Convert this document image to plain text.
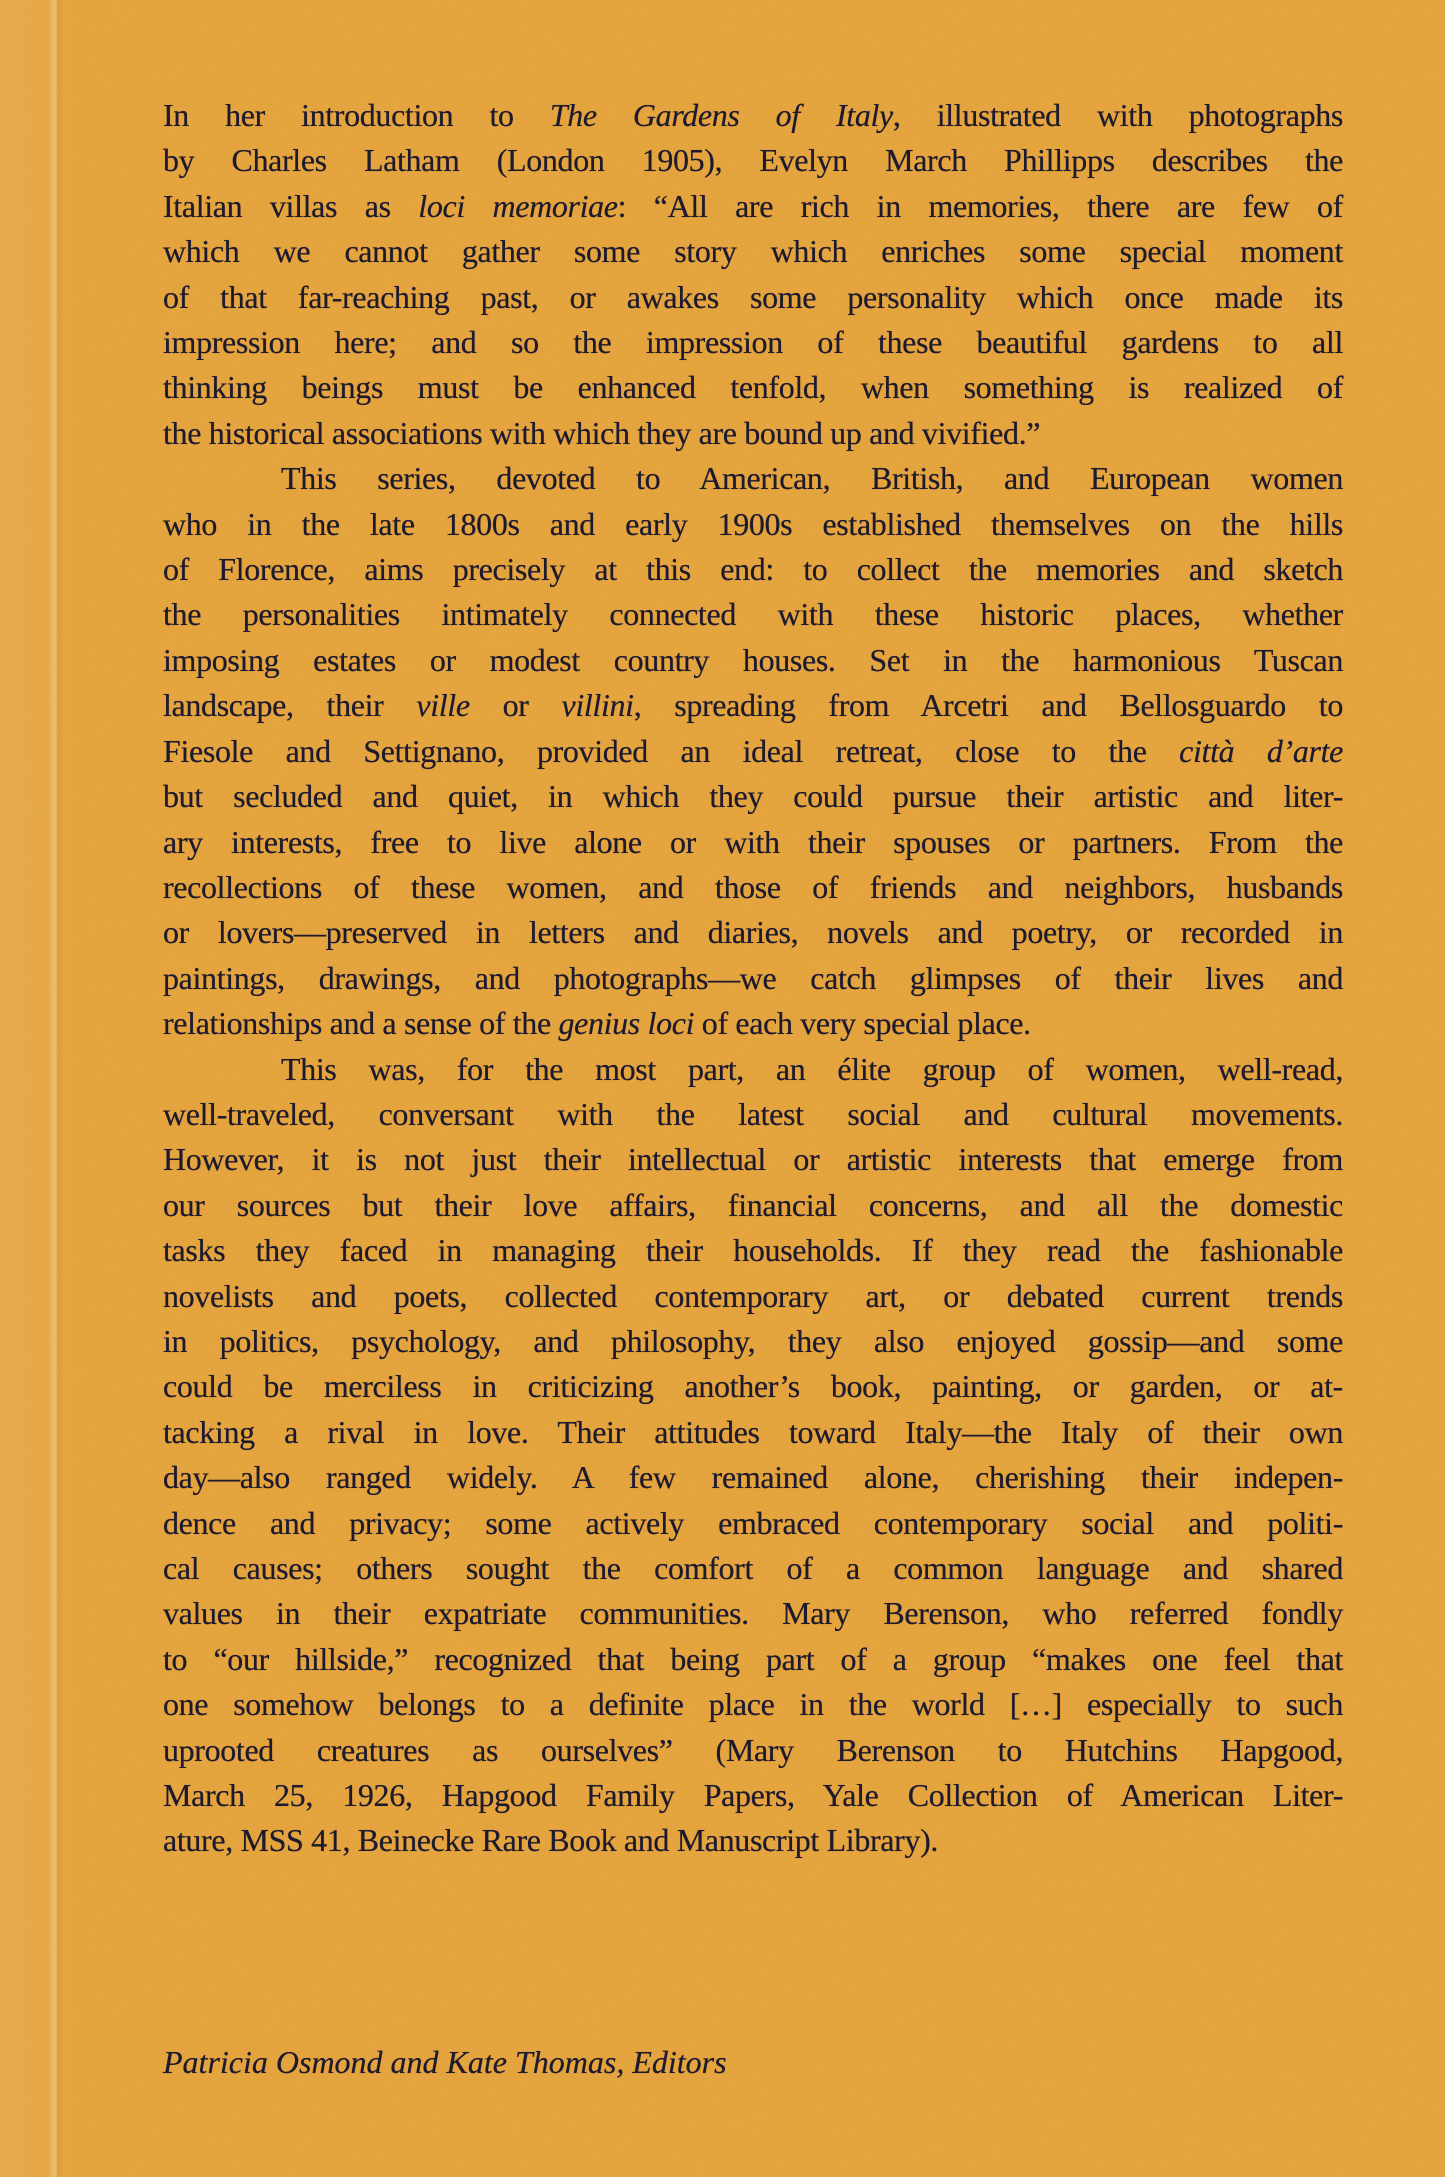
In her introduction to The Gardens of Italy, illustrated with photographs
by Charles Latham (London 1905), Evelyn March Phillipps describes the
Italian villas as loci memoriae: “All are rich in memories, there are few of
which we cannot gather some story which enriches some special moment
of that far-reaching past, or awakes some personality which once made its
impression here; and so the impression of these beautiful gardens to all
thinking beings must be enhanced tenfold, when something is realized of
the historical associations with which they are bound up and vivified.”
This series, devoted to American, British, and European women
who in the late 1800s and early 1900s established themselves on the hills
of Florence, aims precisely at this end: to collect the memories and sketch
the personalities intimately connected with these historic places, whether
imposing estates or modest country houses. Set in the harmonious Tuscan
landscape, their ville or villini, spreading from Arcetri and Bellosguardo to
Fiesole and Settignano, provided an ideal retreat, close to the città d’arte
but secluded and quiet, in which they could pursue their artistic and liter-
ary interests, free to live alone or with their spouses or partners. From the
recollections of these women, and those of friends and neighbors, husbands
or lovers—preserved in letters and diaries, novels and poetry, or recorded in
paintings, drawings, and photographs—we catch glimpses of their lives and
relationships and a sense of the genius loci of each very special place.
This was, for the most part, an élite group of women, well-read,
well-traveled, conversant with the latest social and cultural movements.
However, it is not just their intellectual or artistic interests that emerge from
our sources but their love affairs, financial concerns, and all the domestic
tasks they faced in managing their households. If they read the fashionable
novelists and poets, collected contemporary art, or debated current trends
in politics, psychology, and philosophy, they also enjoyed gossip—and some
could be merciless in criticizing another’s book, painting, or garden, or at-
tacking a rival in love. Their attitudes toward Italy—the Italy of their own
day—also ranged widely. A few remained alone, cherishing their indepen-
dence and privacy; some actively embraced contemporary social and politi-
cal causes; others sought the comfort of a common language and shared
values in their expatriate communities. Mary Berenson, who referred fondly
to “our hillside,” recognized that being part of a group “makes one feel that
one somehow belongs to a definite place in the world […] especially to such
uprooted creatures as ourselves” (Mary Berenson to Hutchins Hapgood,
March 25, 1926, Hapgood Family Papers, Yale Collection of American Liter-
ature, MSS 41, Beinecke Rare Book and Manuscript Library).
Patricia Osmond and Kate Thomas, Editors
